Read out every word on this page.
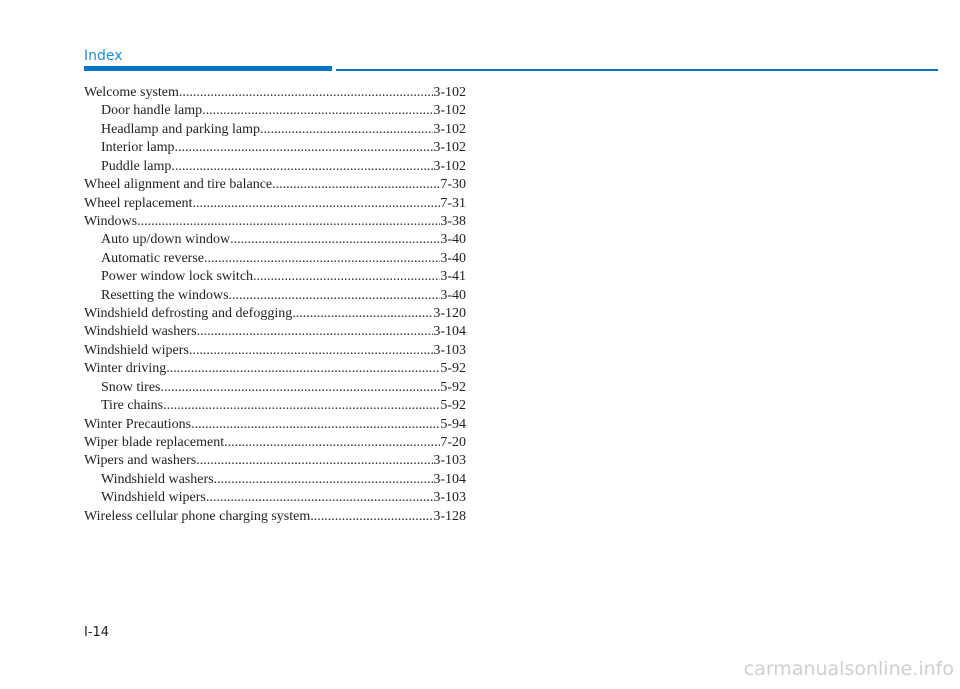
Index
Welcome system .....	3-102
Door handle lamp .....	3-102
Headlamp and parking lamp .....	3-102
Interior lamp .....	3-102
Puddle lamp .....	3-102
Wheel alignment and tire balance .....	7-30
Wheel replacement .....	7-31
Windows .....	3-38
Auto up/down window .....	3-40
Automatic reverse .....	3-40
Power window lock switch .....	3-41
Resetting the windows .....	3-40
Windshield defrosting and defogging .....	3-120
Windshield washers .....	3-104
Windshield wipers .....	3-103
Winter driving .....	5-92
Snow tires .....	5-92
Tire chains .....	5-92
Winter Precautions .....	5-94
Wiper blade replacement .....	7-20
Wipers and washers .....	3-103
Windshield washers .....	3-104
Windshield wipers .....	3-103
Wireless cellular phone charging system .....	3-128
I-14
carmanualsonline.info
